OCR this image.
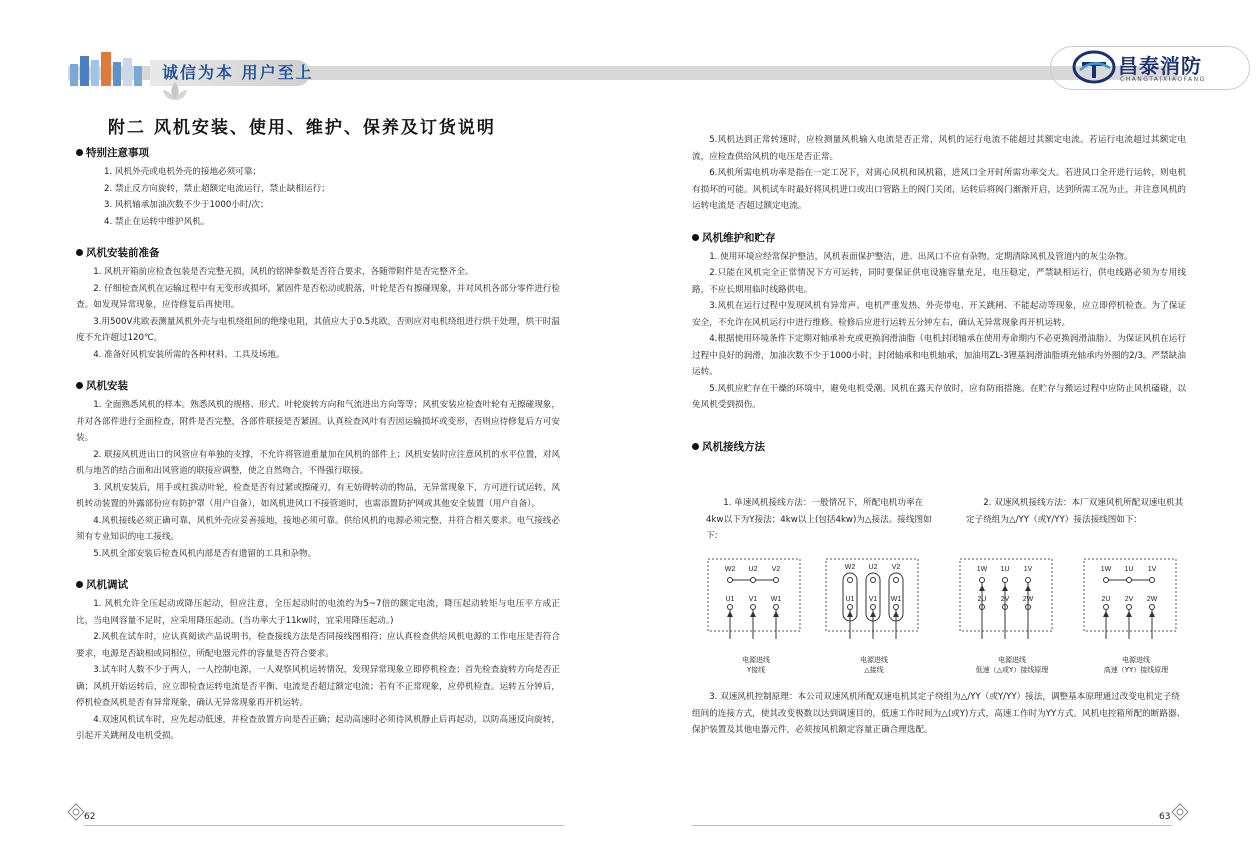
诚信为本 用户至上	昌泰消防
CHANGTA|XIAOFANG
附二 风机安装、使用、维护、保养及订货说明
特别注意事项

1. 风机外壳或电机外壳的接地必须可靠；

2. 禁止反方向旋转，禁止超额定电流运行，禁止缺相运行；

3. 风机轴承加油次数不少于1000小时/次；

4. 禁止在运转中维护风机。

风机安装前准备

1. 风机开箱前应检查包装是否完整无损，风机的铭牌参数是否符合要求，各随带附件是否完整齐全。

2. 仔细检查风机在运输过程中有无变形或损坏，紧固件是否松动或脱落，叶轮是否有擦碰现象，并对风机各部分零件进行检查。如发现异常现象，应待修复后再使用。

3.用500V兆欧表测量风机外壳与电机绕组间的绝缘电阻，其值应大于0.5兆欧，否则应对电机绕组进行烘干处理，烘干时温度不允许超过120℃。

4. 准备好风机安装所需的各种材料、工具及场地。

风机安装

1. 全面熟悉风机的样本。熟悉风机的规格、形式、叶轮旋转方向和气流进出方向等等；风机安装应检查叶轮有无擦碰现象，并对各部件进行全面检查，附件是否完整，各部件联接是否紧固。认真检查风叶有否因运输损坏或变形，否则应待修复后方可安装。

2. 联接风机进出口的风管应有单独的支撑，不允许将管道重量加在风机的部件上；风机安装时应注意风机的水平位置，对风机与地苦的结合面和出风管道的联接应调整，使之自然吻合，不得强行联接。

3. 风机安装后，用手或杠拔动叶轮，检查是否有过紧或擦碰刃，有无妨碍转动的物品，无异常现象下，方可进行试运转，风机转动装置的外露部份应有防护罩（用户自备），如风机进风口不接管道时，也需添置防护网或其他安全装置（用户自备）。

4.风机接线必须正确可靠，风机外壳应妥善接地，接地必须可靠。供给风机的电源必须完整，并符合相关要求。电气接线必须有专业知识的电工接线。

5.风机全部安装后检查风机内部是否有遗留的工具和杂物。

风机调试

1. 风机允许全压起动或降压起动，但应注意，全压起动时的电流约为5~7倍的额定电流，降压起动转矩与电压平方成正比，当电网容量不足时，应采用降压起动。(当功率大于11kw时，宜采用降压起动。)

2.风机在试车时，应认真阅读产品说明书，检查接线方法是否同接线图相符；应认真检查供给风机电源的工作电压是否符合要求，电源是否缺相或同相位，所配电器元件的容量是否符合要求。

3.试车时人数不少于两人，一人控制电源，一人观察风机运转情况，发现异常现象立即停机检查；首先检查旋转方向是否正确；风机开始运转后，应立即检查运转电流是否平衡、电流是否超过额定电流；若有不正常现象，应停机检查。运转五分钟后，停机检查风机是否有异常现象，确认无异常现象再开机运转。

4.双速风机试车时，应先起动低速，并检查放置方向是否正确；起动高速时必须待风机静止后再起动，以防高速反向旋转，引起开关跳闸及电机受损。

5.风机达到正常转速时，应检测量风机输入电流是否正常，风机的运行电流不能超过其额定电流。若运行电流超过其额定电流，应检查供给风机的电压是否正常。

6.风机所需电机功率是指在一定工况下，对离心风机和风机箱，进风口全开时所需功率交大。若进风口全开进行运转，则电机有损坏的可能。风机试车时最好将风机进口或出口管路上的阀门关闭，运转后将阀门渐渐开启，达到所需工况为止，并注意风机的运转电流是 否超过额定电流。

风机维护和贮存

1. 使用环境应经常保护整洁，风机表面保护整洁，进、出风口不应有杂物。定期清除风机及管道内的灰尘杂物。

2.只能在风机完全正常情况下方可运转，同时要保证供电设施容量充足，电压稳定，严禁缺相运行，供电线路必须为专用线路，不应长期用临时线路供电。

3.风机在运行过程中发现风机有异常声、电机严重发热、外壳带电、开关跳闸、不能起动等现象，应立即停机检查。为了保证安全，不允许在风机运行中进行维修。检修后应进行运转五分钟左右，确认无异常现象再开机运转。

4.根据使用环境条件下定期对轴承补充或更换润滑油脂（电机封闭轴承在使用寿命期内不必更换润滑油脂），为保证风机在运行过程中良好的润滑，加油次数不少于1000小时，封闭轴承和电机轴承，加油用ZL-3锂基润滑油脂填充轴承内外圈的2/3。严禁缺油运转。

5.风机应贮存在干燥的环境中，避免电机受潮。风机在露天存放时，应有防雨措施。在贮存与搬运过程中应防止风机磕碰，以免风机受到损伤。

风机接线方法
1. 单速风机接线方法：一般情况下，所配电机功率在4kw以下为Y接法；4kw以上(包括4kw)为△接法。接线图如下:
2. 双速风机接线方法：本厂双速风机所配双速电机其定子绕组为△/YY（或Y/YY）接法接线图如下：
W2 U2 V2
U1 V1 W1
W2 U2 V2
U1 V1 W1
1W 1U 1V
2U 2V 2W
1W 1U 1V
2U 2V 2W
电源进线
Y接线
电源进线
△接线
电源进线
低速（△或Y）接线原理
电源进线
高速（YY）接线原理
3. 双速风机控制原理：本公司双速风机所配双速电机其定子绕组为△/YY（或Y/YY）接法，调整基本原理通过改变电机定子绕组间的连接方式，使其改变极数以达到调速目的，低速工作时间为△(或Y)方式，高速工作时为YY方式。风机电控箱所配的断路器、保护装置及其他电器元件，必须按风机额定容量正确合理选配。
62	63
